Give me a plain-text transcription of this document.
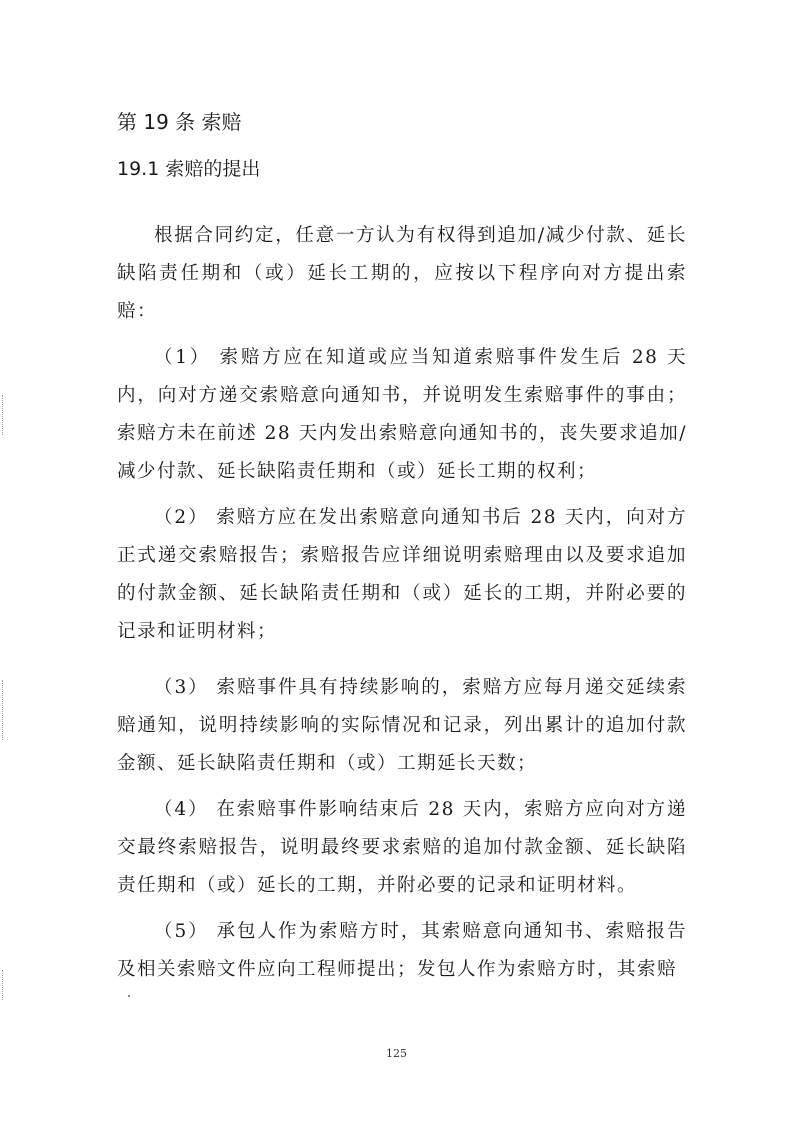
第 19 条 索赔
19.1 索赔的提出

根据合同约定，任意一方认为有权得到追加/减少付款、延长缺陷责任期和（或）延长工期的，应按以下程序向对方提出索赔：

（1） 索赔方应在知道或应当知道索赔事件发生后 28 天内，向对方递交索赔意向通知书，并说明发生索赔事件的事由；索赔方未在前述 28 天内发出索赔意向通知书的，丧失要求追加/减少付款、延长缺陷责任期和（或）延长工期的权利；

（2） 索赔方应在发出索赔意向通知书后 28 天内，向对方正式递交索赔报告；索赔报告应详细说明索赔理由以及要求追加的付款金额、延长缺陷责任期和（或）延长的工期，并附必要的记录和证明材料；

（3） 索赔事件具有持续影响的，索赔方应每月递交延续索赔通知，说明持续影响的实际情况和记录，列出累计的追加付款金额、延长缺陷责任期和（或）工期延长天数；

（4） 在索赔事件影响结束后 28 天内，索赔方应向对方递交最终索赔报告，说明最终要求索赔的追加付款金额、延长缺陷责任期和（或）延长的工期，并附必要的记录和证明材料。

（5） 承包人作为索赔方时，其索赔意向通知书、索赔报告及相关索赔文件应向工程师提出；发包人作为索赔方时，其索赔

125
